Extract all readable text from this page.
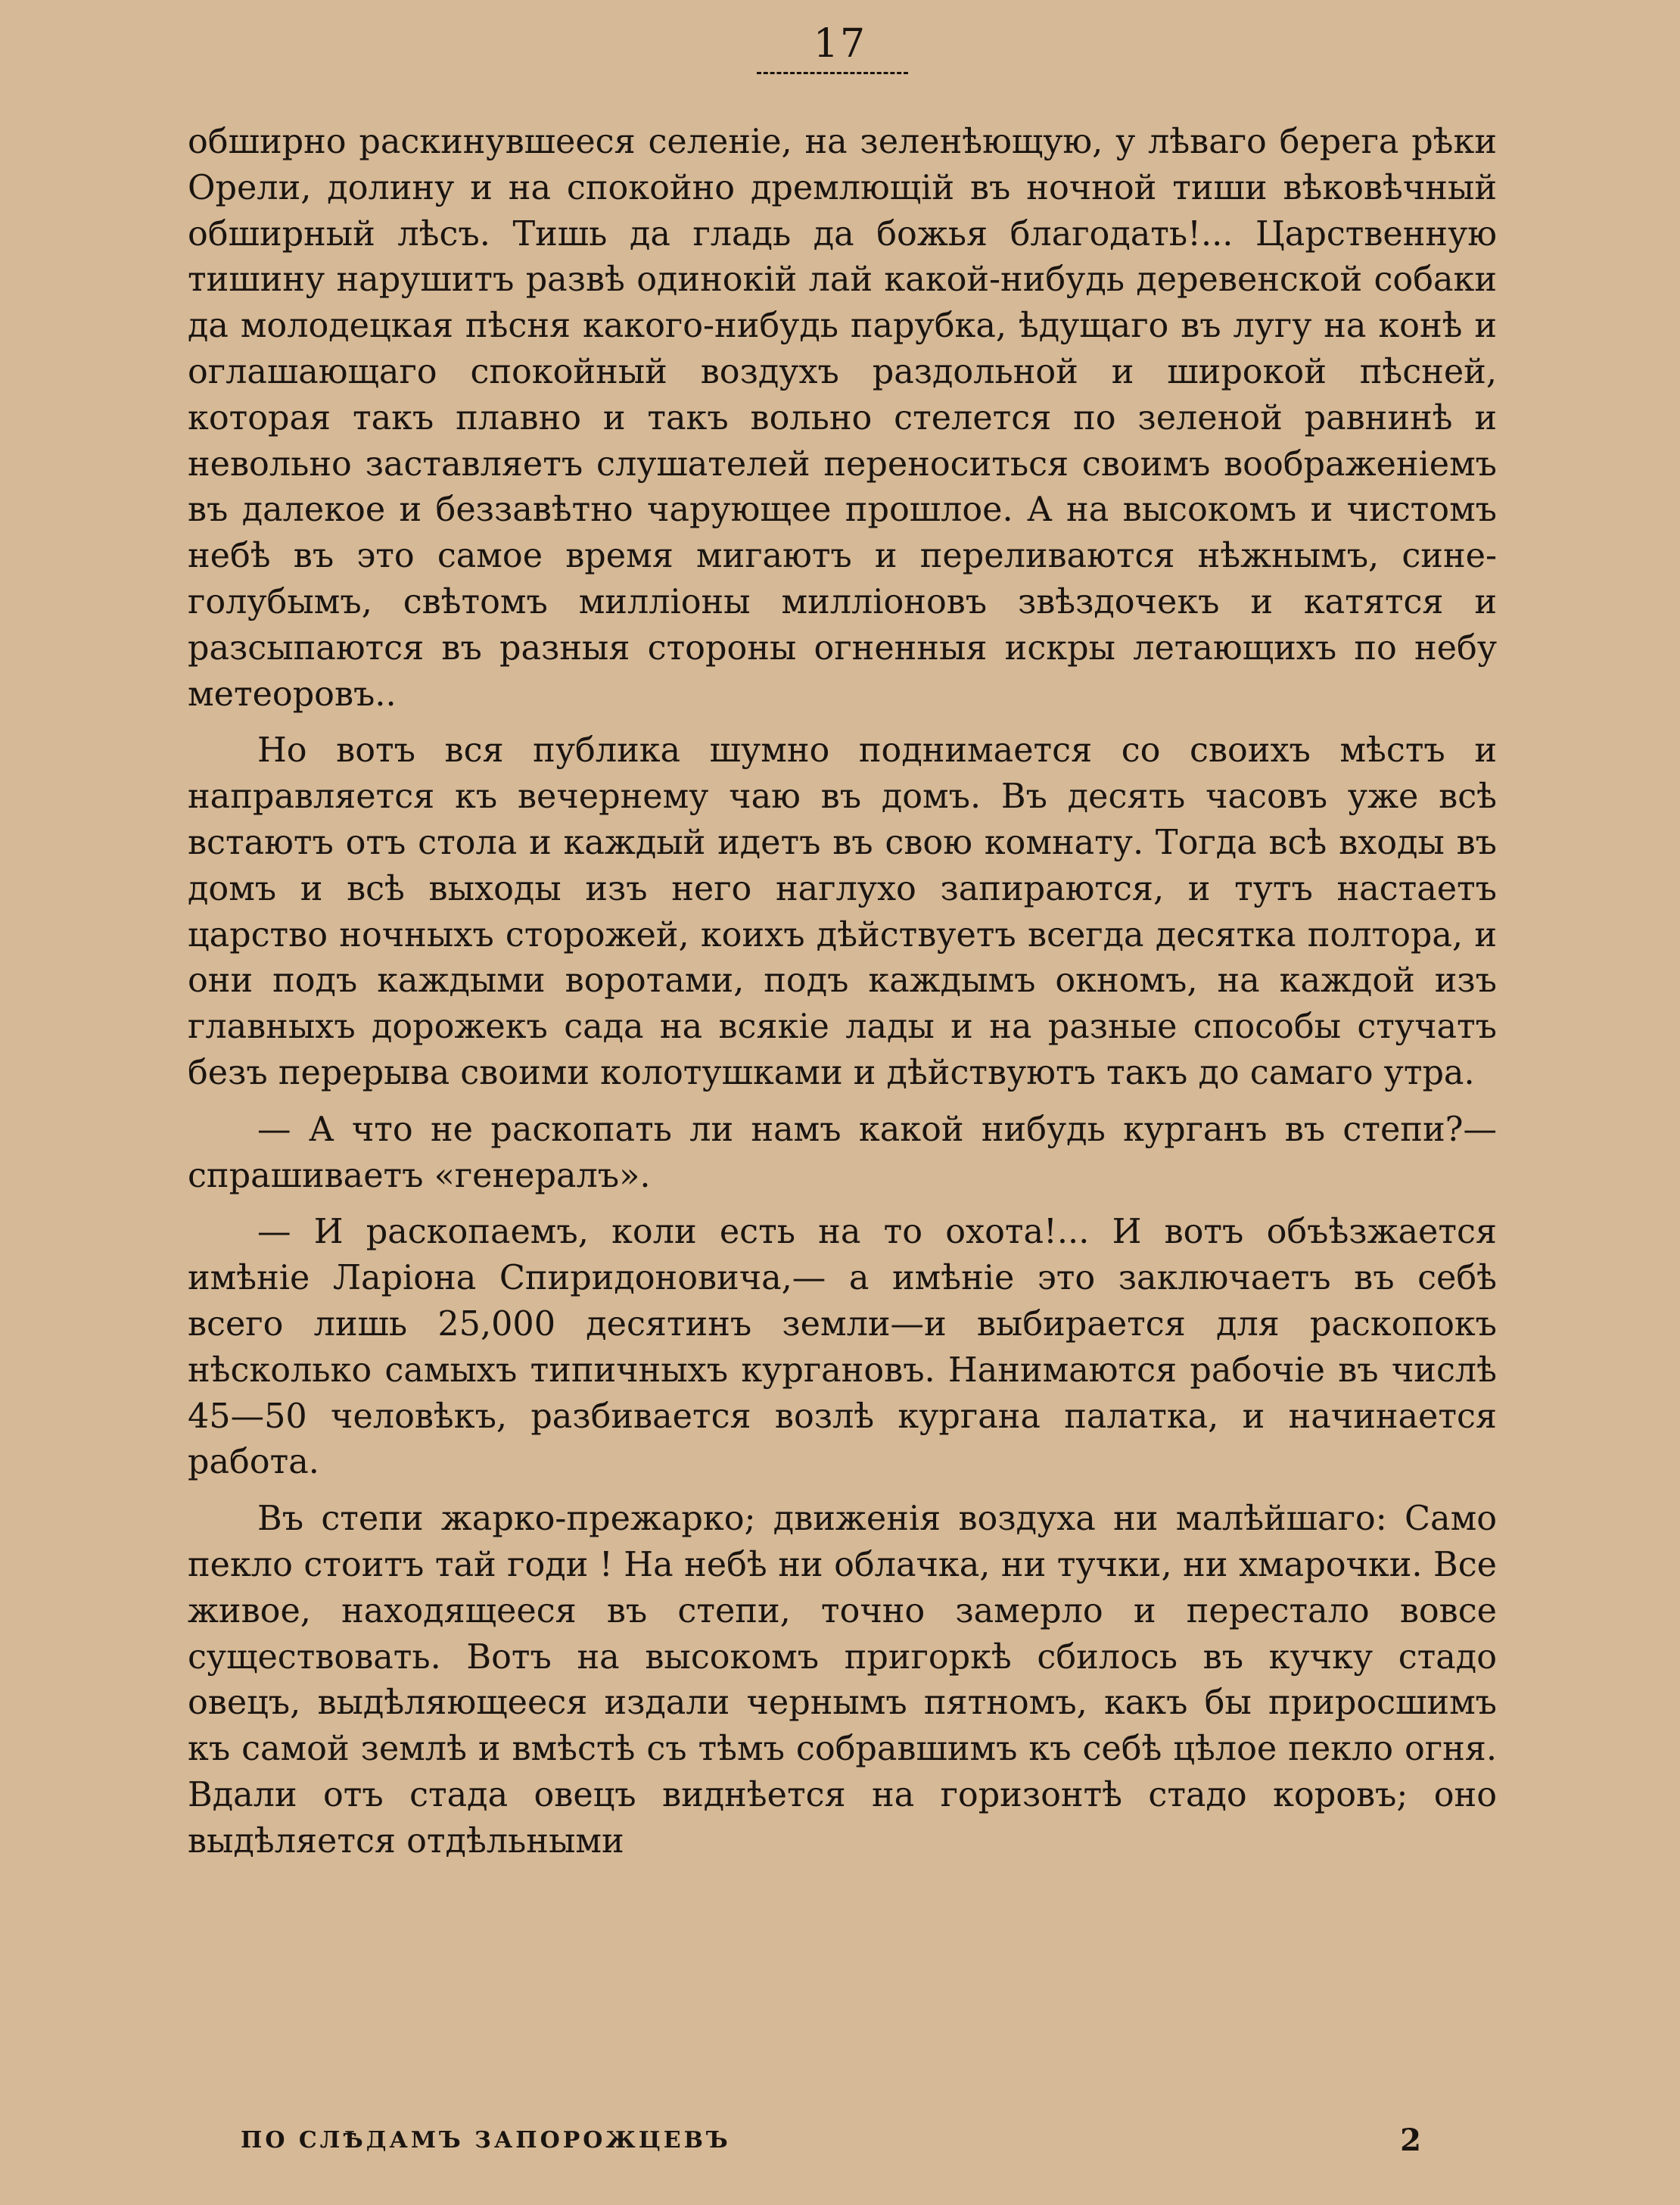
17

обширно раскинувшееся селеніе, на зеленѣющую, у лѣваго берега рѣки Орели, долину и на спокойно дремлющій въ ночной тиши вѣковѣчный обширный лѣсъ. Тишь да гладь да божья благодать!... Царственную тишину нарушитъ развѣ одинокій лай какой-нибудь деревенской собаки да молодецкая пѣсня какого-нибудь парубка, ѣдущаго въ лугу на конѣ и оглашающаго спокойный воздухъ раздольной и широкой пѣсней, которая такъ плавно и такъ вольно стелется по зеленой равнинѣ и невольно заставляетъ слушателей переноситься своимъ воображеніемъ въ далекое и беззавѣтно чарующее прошлое. А на высокомъ и чистомъ небѣ въ это самое время мигаютъ и переливаются нѣжнымъ, сине-голубымъ, свѣтомъ милліоны милліоновъ звѣздочекъ и катятся и разсыпаются въ разныя стороны огненныя искры летающихъ по небу метеоровъ..

Но вотъ вся публика шумно поднимается со своихъ мѣстъ и направляется къ вечернему чаю въ домъ. Въ десять часовъ уже всѣ встаютъ отъ стола и каждый идетъ въ свою комнату. Тогда всѣ входы въ домъ и всѣ выходы изъ него наглухо запираются, и тутъ настаетъ царство ночныхъ сторожей, коихъ дѣйствуетъ всегда десятка полтора, и они подъ каждыми воротами, подъ каждымъ окномъ, на каждой изъ главныхъ дорожекъ сада на всякіе лады и на разные способы стучатъ безъ перерыва своими колотушками и дѣйствуютъ такъ до самаго утра.

— А что не раскопать ли намъ какой нибудь курганъ въ степи?—спрашиваетъ «генералъ».

— И раскопаемъ, коли есть на то охота!... И вотъ объѣзжается имѣніе Ларіона Спиридоновича,— а имѣніе это заключаетъ въ себѣ всего лишь 25,000 десятинъ земли—и выбирается для раскопокъ нѣсколько самыхъ типичныхъ кургановъ. Нанимаются рабочіе въ числѣ 45—50 человѣкъ, разбивается возлѣ кургана палатка, и начинается работа.

Въ степи жарко-прежарко; движенія воздуха ни малѣйшаго: Само пекло стоитъ тай годи ! На небѣ ни облачка, ни тучки, ни хмарочки. Все живое, находящееся въ степи, точно замерло и перестало вовсе существовать. Вотъ на высокомъ пригоркѣ сбилось въ кучку стадо овецъ, выдѣляющееся издали чернымъ пятномъ, какъ бы приросшимъ къ самой землѣ и вмѣстѣ съ тѣмъ собравшимъ къ себѣ цѣлое пекло огня. Вдали отъ стада овецъ виднѣется на горизонтѣ стадо коровъ; оно выдѣляется отдѣльными

ПО СЛѢДАМЪ ЗАПОРОЖЦЕВЪ	2
